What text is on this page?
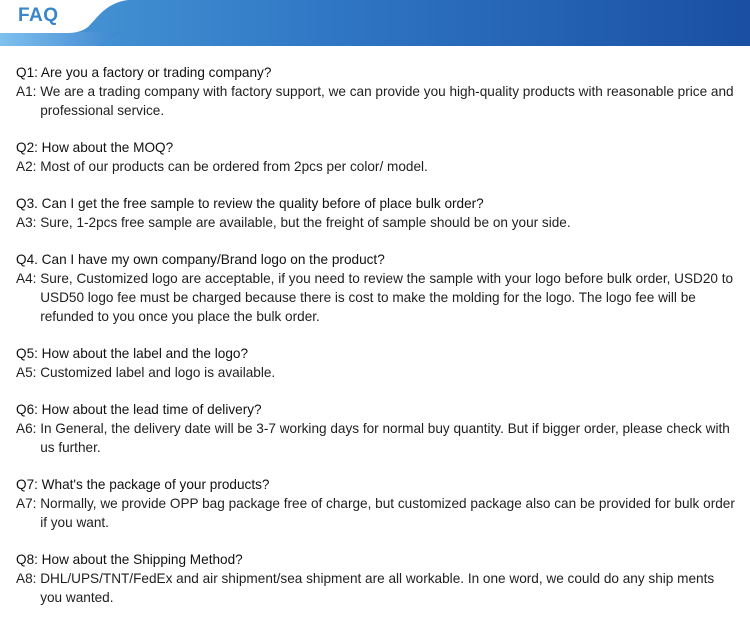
FAQ

Q1: Are you a factory or trading company?

A1: We are a trading company with factory support, we can provide you high-quality products with reasonable price and professional service.

Q2: How about the MOQ?

A2: Most of our products can be ordered from 2pcs per color/ model.

Q3. Can I get the free sample to review the quality before of place bulk order?

A3: Sure, 1-2pcs free sample are available, but the freight of sample should be on your side.

Q4. Can I have my own company/Brand logo on the product?

A4: Sure, Customized logo are acceptable, if you need to review the sample with your logo before bulk order, USD20 to USD50 logo fee must be charged because there is cost to make the molding for the logo. The logo fee will be refunded to you once you place the bulk order.

Q5: How about the label and the logo?

A5: Customized label and logo is available.

Q6: How about the lead time of delivery?

A6: In General, the delivery date will be 3-7 working days for normal buy quantity. But if bigger order, please check with us further.

Q7: What's the package of your products?

A7: Normally, we provide OPP bag package free of charge, but customized package also can be provided for bulk order if you want.

Q8: How about the Shipping Method?

A8: DHL/UPS/TNT/FedEx and air shipment/sea shipment are all workable. In one word, we could do any ship ments you wanted.
